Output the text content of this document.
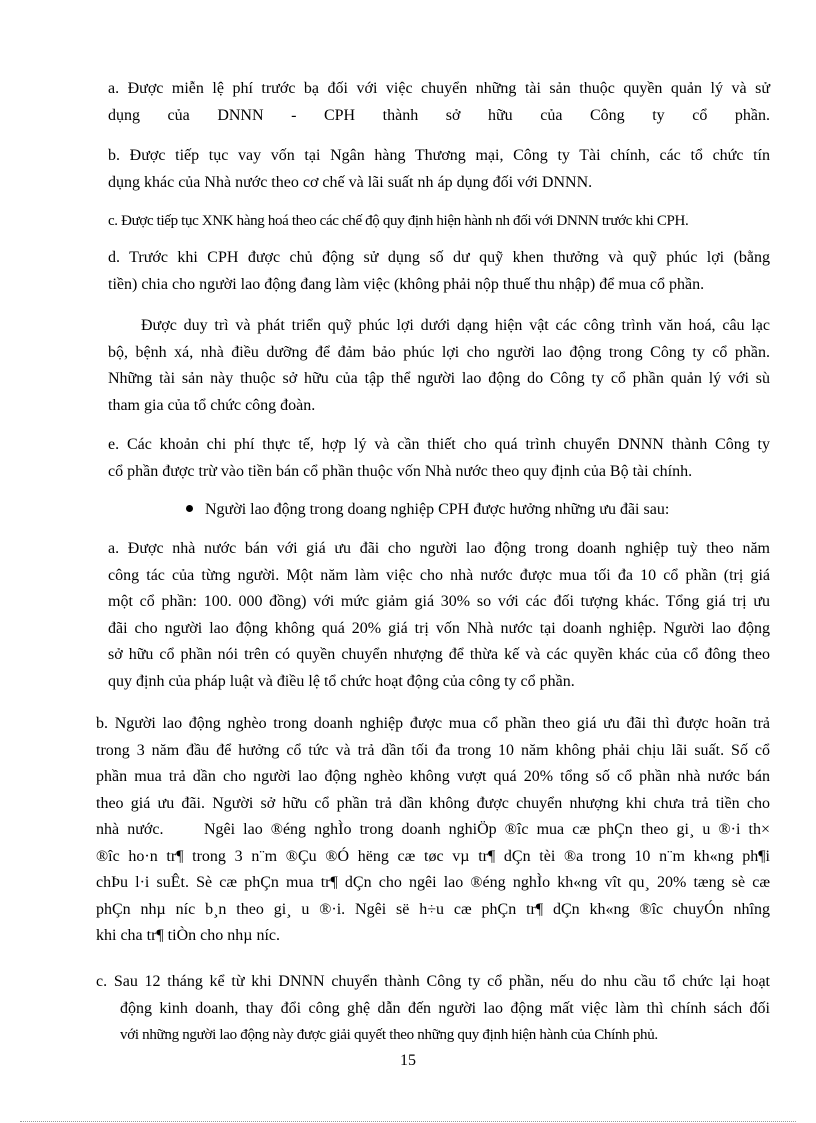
a. Được miễn lệ phí trước bạ đối với việc chuyển những tài sản thuộc quyền quản lý và sử
dụng của DNNN - CPH thành sở hữu của Công ty cổ phần.

b. Được tiếp tục vay vốn tại Ngân hàng Thương mại, Công ty Tài chính, các tổ chức tín
dụng khác của Nhà nước theo cơ chế và lãi suất nh áp dụng đối với DNNN.

c. Được tiếp tục XNK hàng hoá theo các chế độ quy định hiện hành nh đối với DNNN trước khi CPH.

d. Trước khi CPH được chủ động sử dụng số dư quỹ khen thưởng và quỹ phúc lợi (bằng
tiền) chia cho người lao động đang làm việc (không phải nộp thuế thu nhập) để mua cổ phần.

Được duy trì và phát triển quỹ phúc lợi dưới dạng hiện vật các công trình văn hoá, câu lạc
bộ, bệnh xá, nhà điều dưỡng để đảm bảo phúc lợi cho người lao động trong Công ty cổ phần.
Những tài sản này thuộc sở hữu của tập thể người lao động do Công ty cổ phần quản lý với sù
tham gia của tổ chức công đoàn.

e. Các khoản chi phí thực tế, hợp lý và cần thiết cho quá trình chuyển DNNN thành Công ty
cổ phần được trừ vào tiền bán cổ phần thuộc vốn Nhà nước theo quy định của Bộ tài chính.

Người lao động trong doang nghiệp CPH được hưởng những ưu đãi sau:

a. Được nhà nước bán với giá ưu đãi cho người lao động trong doanh nghiệp tuỳ theo năm
công tác của từng người. Một năm làm việc cho nhà nước được mua tối đa 10 cổ phần (trị giá
một cổ phần: 100. 000 đồng) với mức giảm giá 30% so với các đối tượng khác. Tổng giá trị ưu
đãi cho người lao động không quá 20% giá trị vốn Nhà nước tại doanh nghiệp. Người lao động
sở hữu cổ phần nói trên có quyền chuyển nhượng để thừa kế và các quyền khác của cổ đông theo
quy định của pháp luật và điều lệ tổ chức hoạt động của công ty cổ phần.

b. Người lao động nghèo trong doanh nghiệp được mua cổ phần theo giá ưu đãi thì được hoãn trả
trong 3 năm đầu để hưởng cổ tức và trả dần tối đa trong 10 năm không phải chịu lãi suất. Số cổ
phần mua trả dần cho người lao động nghèo không vượt quá 20% tổng số cổ phần nhà nước bán
theo giá ưu đãi. Người sở hữu cổ phần trả dần không được chuyển nhượng khi chưa trả tiền cho
nhà nước.     Ngêi lao ®éng nghÌo trong doanh nghiÖp ®îc mua cæ phÇn theo gi¸ u ®·i th×
®îc ho·n tr¶ trong 3 n¨m ®Çu ®Ó hëng cæ tøc vµ tr¶ dÇn tèi ®a trong 10 n¨m kh«ng ph¶i
chÞu l·i suÊt. Sè cæ phÇn mua tr¶ dÇn cho ngêi lao ®éng nghÌo kh«ng vît qu¸ 20% tæng sè cæ
phÇn nhµ níc b¸n theo gi¸ u ®·i. Ngêi së h÷u cæ phÇn tr¶ dÇn kh«ng ®îc chuyÓn nhîng
khi cha tr¶ tiÒn cho nhµ níc.

c. Sau 12 tháng kể từ khi DNNN chuyển thành Công ty cổ phần, nếu do nhu cầu tổ chức lại hoạt
động kinh doanh, thay đổi công ghệ dẫn đến người lao động mất việc làm thì chính sách đối
với những người lao động này được giải quyết theo những quy định hiện hành của Chính phủ.

15
